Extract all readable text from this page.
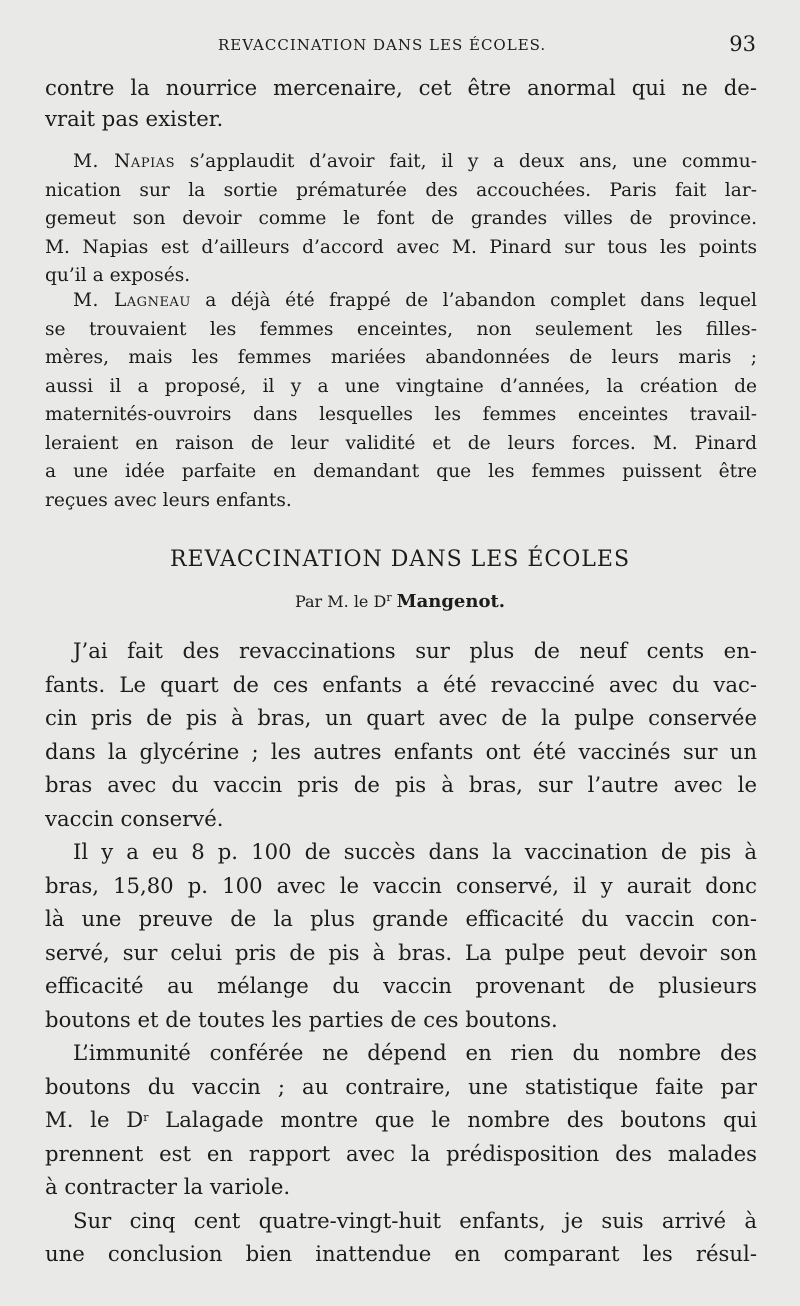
REVACCINATION DANS LES ÉCOLES.	93
contre la nourrice mercenaire, cet être anormal qui ne de-
vrait pas exister.
M. Napias s’applaudit d’avoir fait, il y a deux ans, une commu-
nication sur la sortie prématurée des accouchées. Paris fait lar-
gemeut son devoir comme le font de grandes villes de province.
M. Napias est d’ailleurs d’accord avec M. Pinard sur tous les points
qu’il a exposés.
M. Lagneau a déjà été frappé de l’abandon complet dans lequel
se trouvaient les femmes enceintes, non seulement les filles-
mères, mais les femmes mariées abandonnées de leurs maris ;
aussi il a proposé, il y a une vingtaine d’années, la création de
maternités-ouvroirs dans lesquelles les femmes enceintes travail-
leraient en raison de leur validité et de leurs forces. M. Pinard
a une idée parfaite en demandant que les femmes puissent être
reçues avec leurs enfants.
REVACCINATION DANS LES ÉCOLES
Par M. le $D^r$ Mangenot.
J’ai fait des revaccinations sur plus de neuf cents en-
fants. Le quart de ces enfants a été revacciné avec du vac-
cin pris de pis à bras, un quart avec de la pulpe conservée
dans la glycérine ; les autres enfants ont été vaccinés sur un
bras avec du vaccin pris de pis à bras, sur l’autre avec le
vaccin conservé.
Il y a eu 8 p. 100 de succès dans la vaccination de pis à
bras, 15,80 p. 100 avec le vaccin conservé, il y aurait donc
là une preuve de la plus grande efficacité du vaccin con-
servé, sur celui pris de pis à bras. La pulpe peut devoir son
efficacité au mélange du vaccin provenant de plusieurs
boutons et de toutes les parties de ces boutons.
L’immunité conférée ne dépend en rien du nombre des
boutons du vaccin ; au contraire, une statistique faite par
M. le $D^r$ Lalagade montre que le nombre des boutons qui
prennent est en rapport avec la prédisposition des malades
à contracter la variole.
Sur cinq cent quatre-vingt-huit enfants, je suis arrivé à
une conclusion bien inattendue en comparant les résul-
